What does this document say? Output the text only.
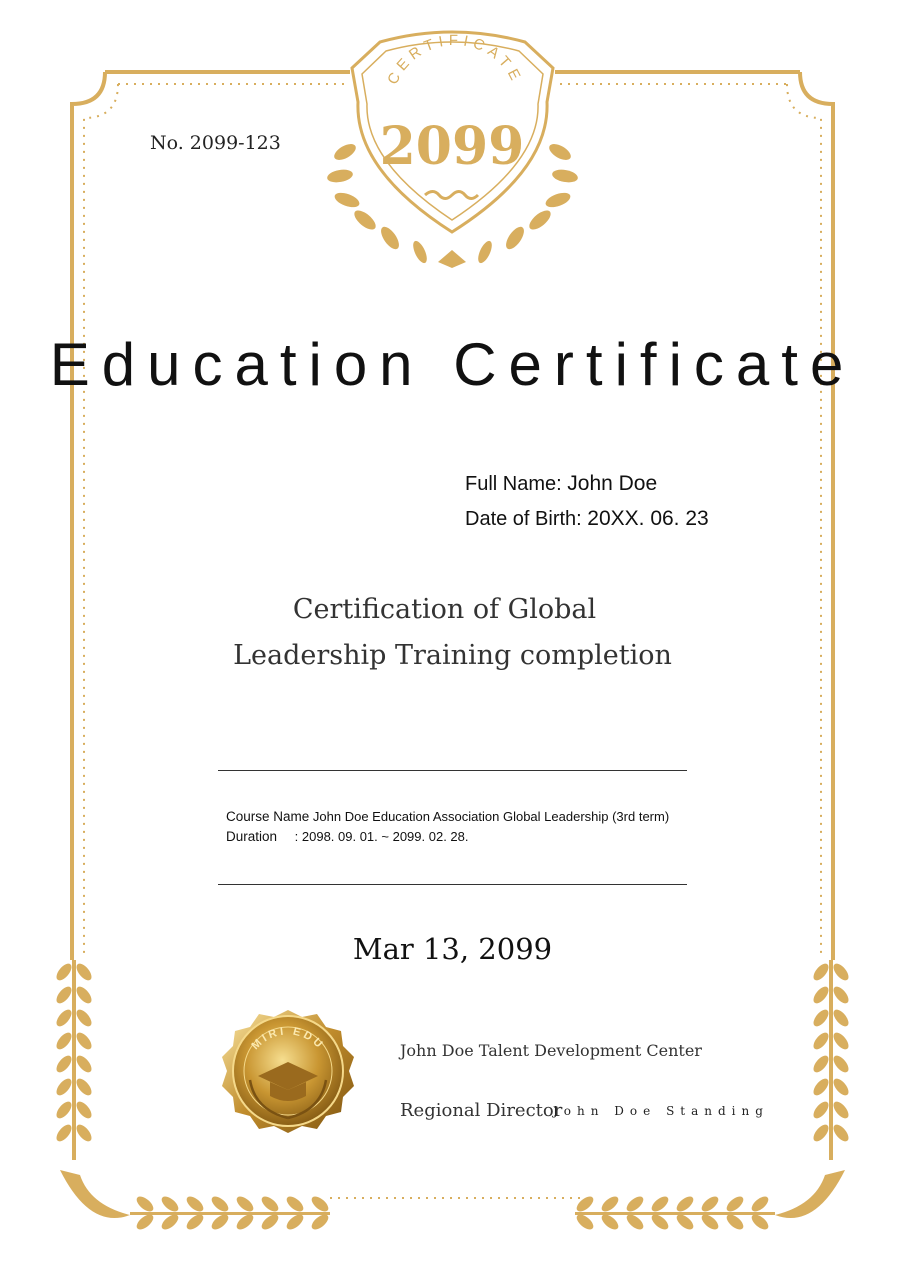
CERTIFICATE
2099
MIRI EDU
No. 2099-123
Education Certificate
Full Name: John Doe
Date of Birth: 20XX. 06. 23
Certification of Global
Leadership Training completion
Course Name John Doe Education Association Global Leadership (3rd term)
Duration : 2098. 09. 01. ~ 2099. 02. 28.
Mar 13, 2099
John Doe Talent Development Center
Regional Director
John Doe Standing
